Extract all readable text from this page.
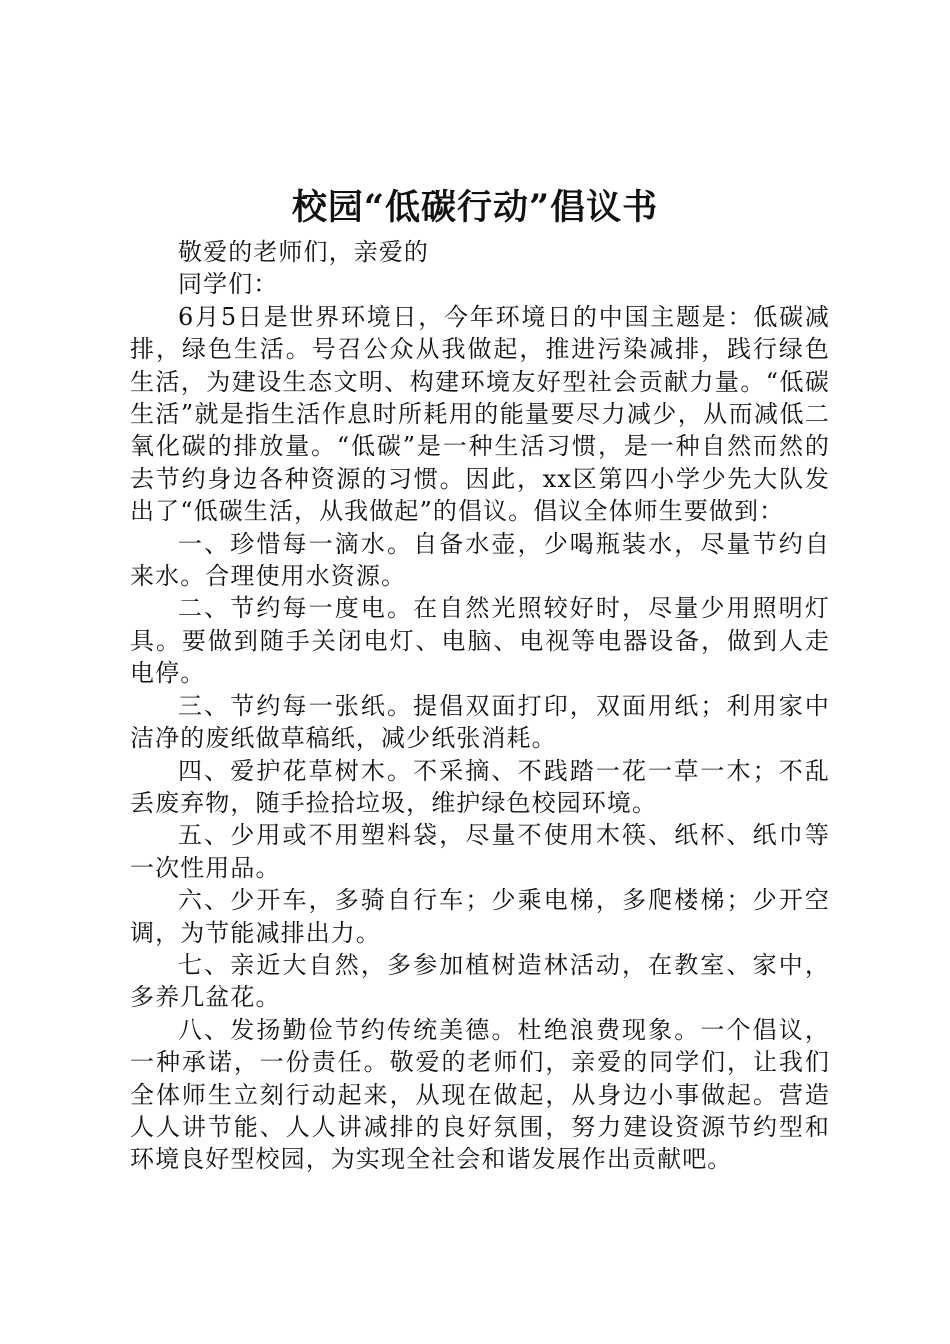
校园“低碳行动”倡议书

敬爱的老师们，亲爱的

同学们：

6月5日是世界环境日，今年环境日的中国主题是：低碳减排，绿色生活。号召公众从我做起，推进污染减排，践行绿色生活，为建设生态文明、构建环境友好型社会贡献力量。“低碳生活”就是指生活作息时所耗用的能量要尽力减少，从而减低二氧化碳的排放量。“低碳”是一种生活习惯，是一种自然而然的去节约身边各种资源的习惯。因此，xx区第四小学少先大队发出了“低碳生活，从我做起”的倡议。倡议全体师生要做到：

一、珍惜每一滴水。自备水壶，少喝瓶装水，尽量节约自来水。合理使用水资源。

二、节约每一度电。在自然光照较好时，尽量少用照明灯具。要做到随手关闭电灯、电脑、电视等电器设备，做到人走电停。

三、节约每一张纸。提倡双面打印，双面用纸；利用家中洁净的废纸做草稿纸，减少纸张消耗。

四、爱护花草树木。不采摘、不践踏一花一草一木；不乱丢废弃物，随手捡拾垃圾，维护绿色校园环境。

五、少用或不用塑料袋，尽量不使用木筷、纸杯、纸巾等一次性用品。

六、少开车，多骑自行车；少乘电梯，多爬楼梯；少开空调，为节能减排出力。

七、亲近大自然，多参加植树造林活动，在教室、家中，多养几盆花。

八、发扬勤俭节约传统美德。杜绝浪费现象。一个倡议，一种承诺，一份责任。敬爱的老师们，亲爱的同学们，让我们全体师生立刻行动起来，从现在做起，从身边小事做起。营造人人讲节能、人人讲减排的良好氛围，努力建设资源节约型和环境良好型校园，为实现全社会和谐发展作出贡献吧。
